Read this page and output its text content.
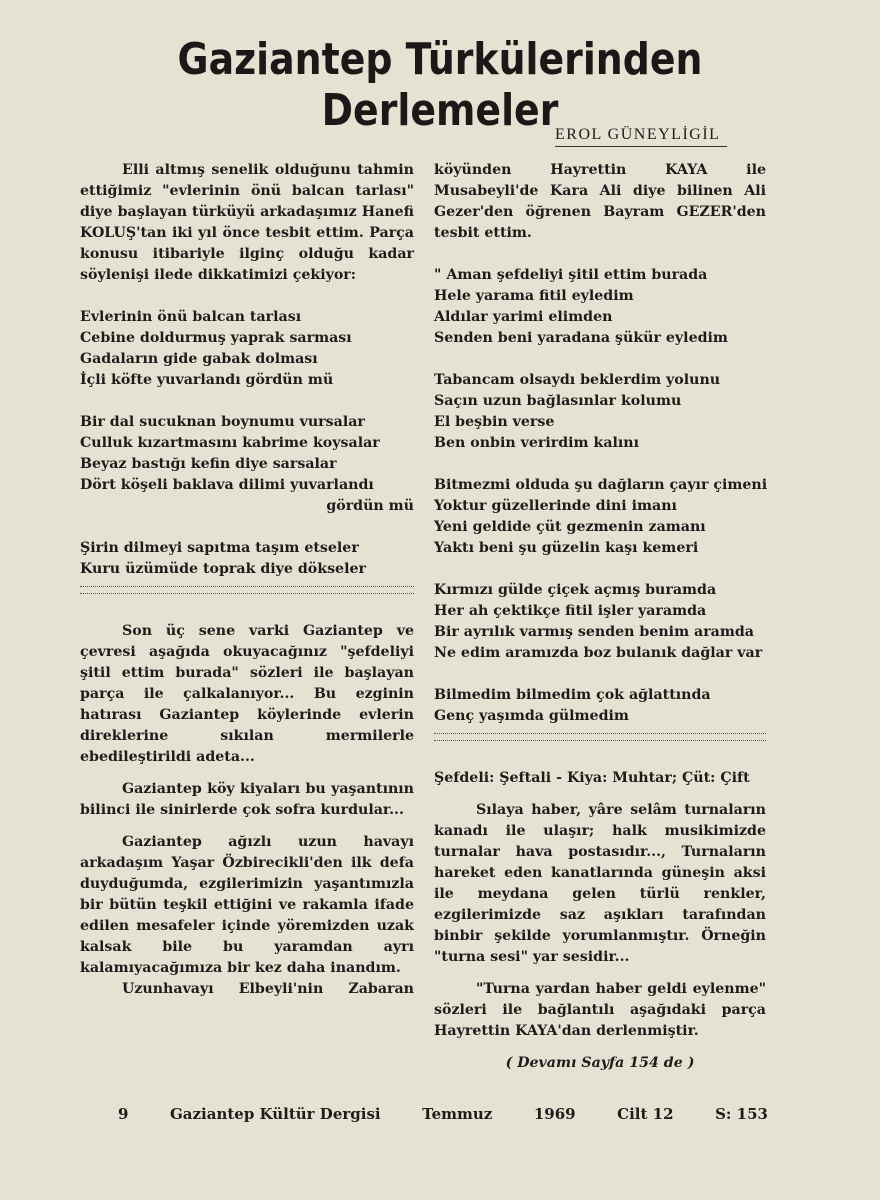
Gaziantep Türkülerinden Derlemeler
EROL GÜNEYLİGİL

Elli altmış senelik olduğunu tahmin ettiğimiz "evlerinin önü balcan tarlası" diye başlayan türküyü arkadaşımız Hanefi KOLUŞ'tan iki yıl önce tesbit ettim. Parça konusu itibariyle ilginç olduğu kadar söylenişi ilede dikkatimizi çekiyor:

Evlerinin önü balcan tarlası
Cebine doldurmuş yaprak sarması
Gadaların gide gabak dolması
İçli köfte yuvarlandı gördün mü
Bir dal sucuknan boynumu vursalar
Culluk kızartmasını kabrime koysalar
Beyaz bastığı kefin diye sarsalar
Dört köşeli baklava dilimi yuvarlandı
gördün mü
Şirin dilmeyi sapıtma taşım etseler
Kuru üzümüde toprak diye dökseler

Son üç sene varki Gaziantep ve çevresi aşağıda okuyacağınız "şefdeliyi şitil ettim burada" sözleri ile başlayan parça ile çalkalanıyor... Bu ezginin hatırası Gaziantep köylerinde evlerin direklerine sıkılan mermilerle ebedileştirildi adeta...

Gaziantep köy kiyaları bu yaşantının bilinci ile sinirlerde çok sofra kurdular...

Gaziantep ağızlı uzun havayı arkadaşım Yaşar Özbirecikli'den ilk defa duyduğumda, ezgilerimizin yaşantımızla bir bütün teşkil ettiğini ve rakamla ifade edilen mesafeler içinde yöremizden uzak kalsak bile bu yaramdan ayrı kalamıyacağımıza bir kez daha inandım.

Uzunhavayı Elbeyli'nin Zabaran

köyünden Hayrettin KAYA ile Musabeyli'de Kara Ali diye bilinen Ali Gezer'den öğrenen Bayram GEZER'den tesbit ettim.

" Aman şefdeliyi şitil ettim burada
Hele yarama fitil eyledim
Aldılar yarimi elimden
Senden beni yaradana şükür eyledim
Tabancam olsaydı beklerdim yolunu
Saçın uzun bağlasınlar kolumu
El beşbin verse
Ben onbin verirdim kalını
Bitmezmi olduda şu dağların çayır çimeni
Yoktur güzellerinde dini imanı
Yeni geldide çüt gezmenin zamanı
Yaktı beni şu güzelin kaşı kemeri
Kırmızı gülde çiçek açmış buramda
Her ah çektikçe fitil işler yaramda
Bir ayrılık varmış senden benim aramda
Ne edim aramızda boz bulanık dağlar var
Bilmedim bilmedim çok ağlattında
Genç yaşımda gülmedim
Şefdeli: Şeftali - Kiya: Muhtar; Çüt: Çift

Sılaya haber, yâre selâm turnaların kanadı ile ulaşır; halk musikimizde turnalar hava postasıdır..., Turnaların hareket eden kanatlarında güneşin aksi ile meydana gelen türlü renkler, ezgilerimizde saz aşıkları tarafından binbir şekilde yorumlanmıştır. Örneğin "turna sesi" yar sesidir...

"Turna yardan haber geldi eylenme" sözleri ile bağlantılı aşağıdaki parça Hayrettin KAYA'dan derlenmiştir.

( Devamı Sayfa 154 de )
9	Gaziantep Kültür Dergisi	Temmuz	1969	Cilt 12	S: 153
